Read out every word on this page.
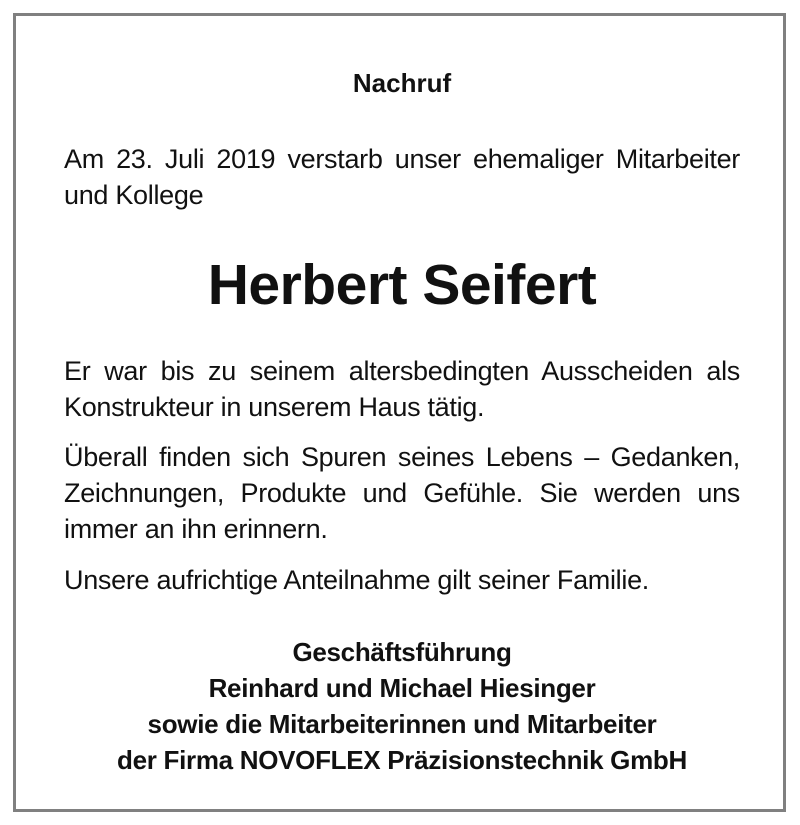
Nachruf
Am 23. Juli 2019 verstarb unser ehemaliger Mitarbeiter und Kollege
Herbert Seifert
Er war bis zu seinem altersbedingten Ausscheiden als Konstrukteur in unserem Haus tätig.
Überall finden sich Spuren seines Lebens – Gedanken, Zeichnungen, Produkte und Gefühle. Sie werden uns immer an ihn erinnern.
Unsere aufrichtige Anteilnahme gilt seiner Familie.
Geschäftsführung
Reinhard und Michael Hiesinger
sowie die Mitarbeiterinnen und Mitarbeiter
der Firma NOVOFLEX Präzisionstechnik GmbH
